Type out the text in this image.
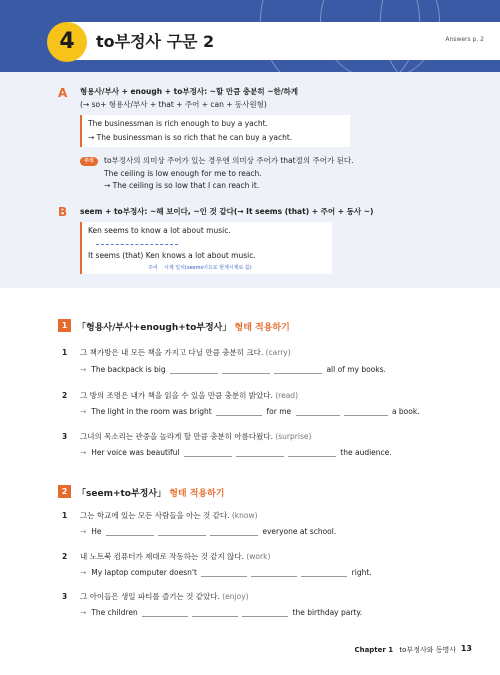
4	to부정사 구문 2	Answers p. 2
A 형용사/부사 + enough + to부정사: ~할 만큼 충분히 ~한/하게
(→ so+ 형용사/부사 + that + 주어 + can + 동사원형)
The businessman is rich enough to buy a yacht.
→ The businessman is so rich that he can buy a yacht.
주의	to부정사의 의미상 주어가 있는 경우엔 의미상 주어가 that절의 주어가 된다.
The ceiling is low enough for me to reach.
→ The ceiling is so low that I can reach it.
B seem + to부정사: ~해 보이다, ~인 것 같다(→ It seems (that) + 주어 + 동사 ~)
Ken seems to know a lot about music.
It seems (that) Ken knows a lot about music.
주어 시제 일치(seems이므로 현재시제로 씀)
1	「형용사/부사+enough+to부정사」 형태 적용하기
1 그 책가방은 내 모든 책을 가지고 다닐 만큼 충분히 크다. (carry)
→ The backpack is big	all of my books.
2 그 방의 조명은 내가 책을 읽을 수 있을 만큼 충분히 밝았다. (read)
→ The light in the room was bright	for me	a book.
3 그녀의 목소리는 관중을 놀라게 할 만큼 충분히 아름다웠다. (surprise)
→ Her voice was beautiful	the audience.
2	「seem+to부정사」 형태 적용하기
1 그는 학교에 있는 모든 사람들을 아는 것 같다. (know)
→ He	everyone at school.
2 내 노트북 컴퓨터가 제대로 작동하는 것 같지 않다. (work)
→ My laptop computer doesn't	right.
3 그 아이들은 생일 파티를 즐기는 것 같았다. (enjoy)
→ The children	the birthday party.
Chapter 1 to부정사와 동명사 13
